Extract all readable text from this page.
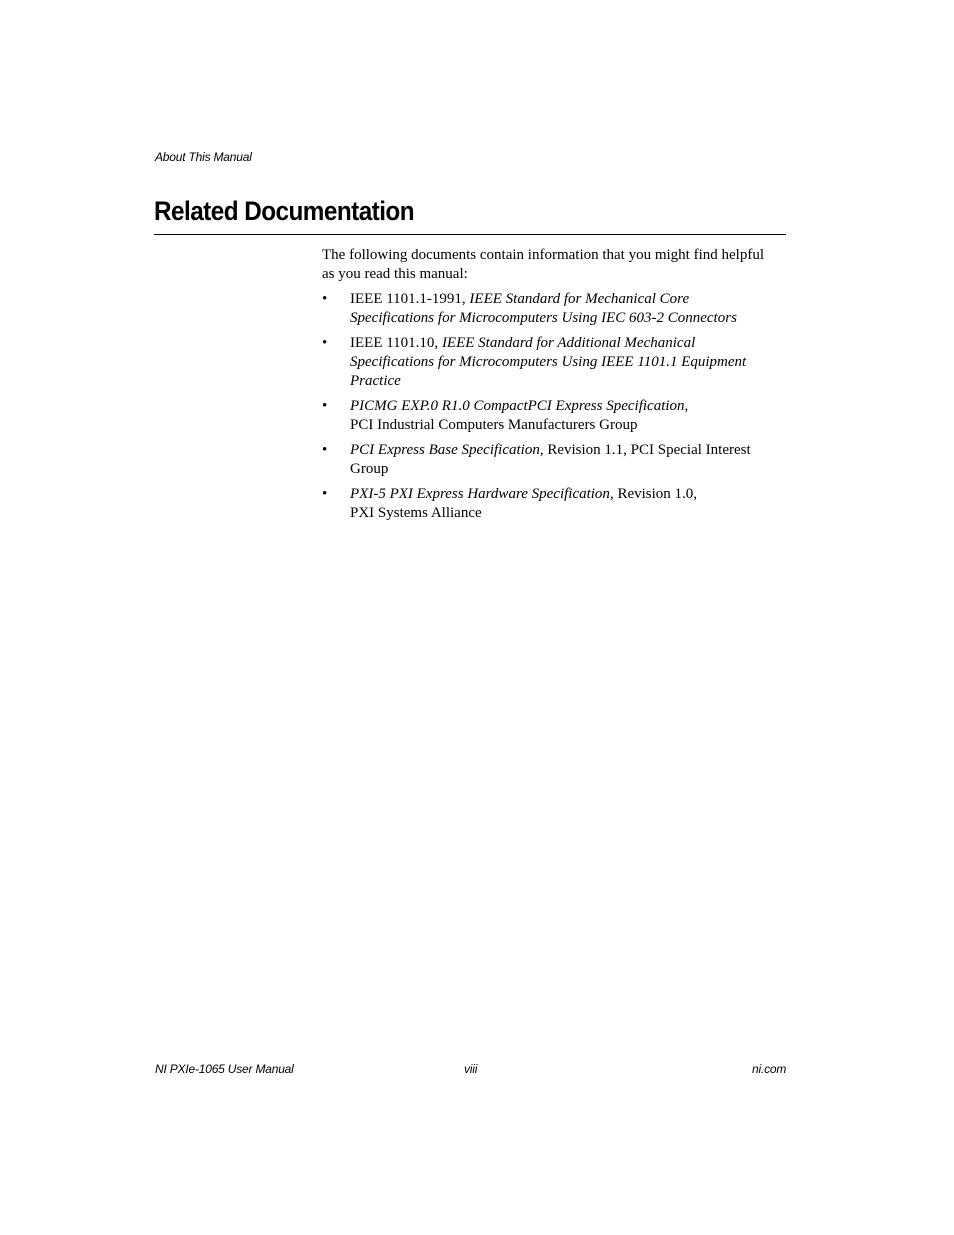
About This Manual
Related Documentation

The following documents contain information that you might find helpful
as you read this manual:

• IEEE 1101.1-1991, IEEE Standard for Mechanical Core
Specifications for Microcomputers Using IEC 603-2 Connectors
• IEEE 1101.10, IEEE Standard for Additional Mechanical
Specifications for Microcomputers Using IEEE 1101.1 Equipment
Practice
• PICMG EXP.0 R1.0 CompactPCI Express Specification,
PCI Industrial Computers Manufacturers Group
• PCI Express Base Specification, Revision 1.1, PCI Special Interest
Group
• PXI-5 PXI Express Hardware Specification, Revision 1.0,
PXI Systems Alliance
NI PXIe-1065 User Manual	viii	ni.com
